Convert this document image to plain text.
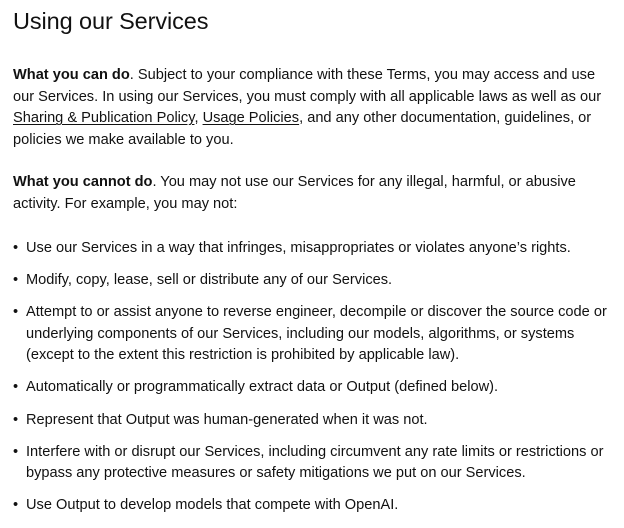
Using our Services

What you can do. Subject to your compliance with these Terms, you may access and use our Services. In using our Services, you must comply with all applicable laws as well as our Sharing & Publication Policy, Usage Policies, and any other documentation, guidelines, or policies we make available to you.

What you cannot do. You may not use our Services for any illegal, harmful, or abusive activity. For example, you may not:

• Use our Services in a way that infringes, misappropriates or violates anyone’s rights.
• Modify, copy, lease, sell or distribute any of our Services.
• Attempt to or assist anyone to reverse engineer, decompile or discover the source code or underlying components of our Services, including our models, algorithms, or systems (except to the extent this restriction is prohibited by applicable law).
• Automatically or programmatically extract data or Output (defined below).
• Represent that Output was human-generated when it was not.
• Interfere with or disrupt our Services, including circumvent any rate limits or restrictions or bypass any protective measures or safety mitigations we put on our Services.
• Use Output to develop models that compete with OpenAI.
